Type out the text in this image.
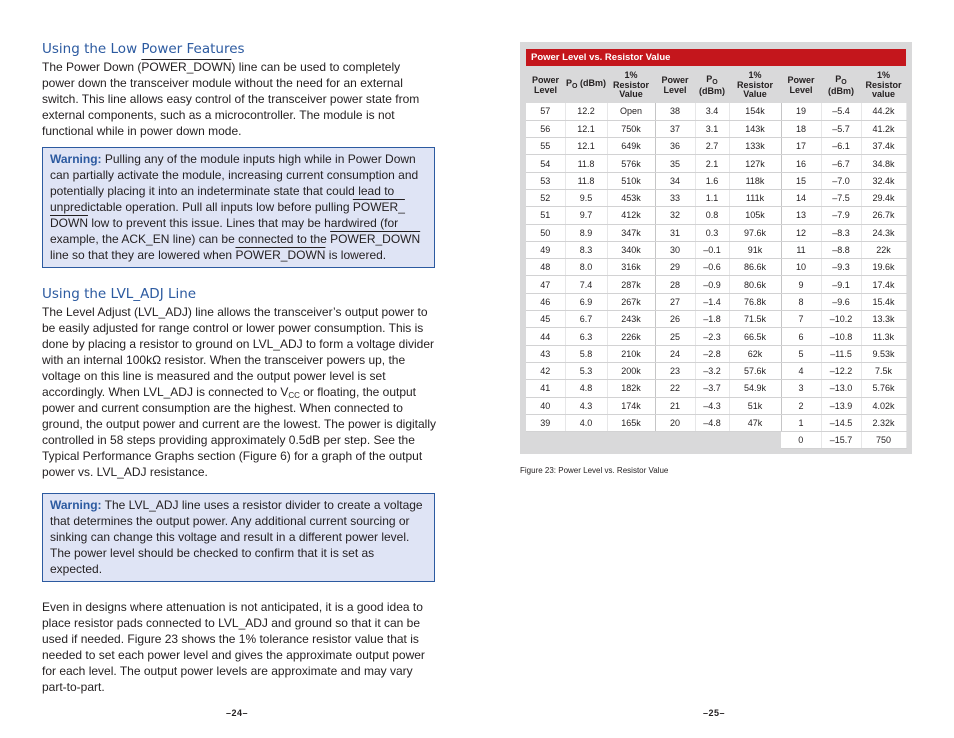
Using the Low Power Features

The Power Down (POWER_DOWN) line can be used to completely power down the transceiver module without the need for an external switch. This line allows easy control of the transceiver power state from external components, such as a microcontroller. The module is not functional while in power down mode.

Warning: Pulling any of the module inputs high while in Power Down can partially activate the module, increasing current consumption and potentially placing it into an indeterminate state that could lead to unpredictable operation. Pull all inputs low before pulling POWER_ DOWN low to prevent this issue. Lines that may be hardwired (for example, the ACK_EN line) can be connected to the POWER_DOWN line so that they are lowered when POWER_DOWN is lowered.
Using the LVL_ADJ Line

The Level Adjust (LVL_ADJ) line allows the transceiver’s output power to be easily adjusted for range control or lower power consumption. This is done by placing a resistor to ground on LVL_ADJ to form a voltage divider with an internal 100kΩ resistor. When the transceiver powers up, the voltage on this line is measured and the output power level is set accordingly. When LVL_ADJ is connected to $V_{CC}$ or floating, the output power and current consumption are the highest. When connected to ground, the output power and current are the lowest. The power is digitally controlled in 58 steps providing approximately 0.5dB per step. See the Typical Performance Graphs section (Figure 6) for a graph of the output power vs. LVL_ADJ resistance.

Warning: The LVL_ADJ line uses a resistor divider to create a voltage that determines the output power. Any additional current sourcing or sinking can change this voltage and result in a different power level. The power level should be checked to confirm that it is set as expected.

Even in designs where attenuation is not anticipated, it is a good idea to place resistor pads connected to LVL_ADJ and ground so that it can be used if needed. Figure 23 shows the 1% tolerance resistor value that is needed to set each power level and gives the approximate output power for each level. The output power levels are approximate and may vary part-to-part.

–24–
Power Level vs. Resistor Value
Power Level	$P_O$ (dBm)	1% Resistor Value	Power Level	$P_O$ (dBm)	1% Resistor Value	Power Level	$P_O$ (dBm)	1% Resistor value
57	12.2	Open	38	3.4	154k	19	–5.4	44.2k
56	12.1	750k	37	3.1	143k	18	–5.7	41.2k
55	12.1	649k	36	2.7	133k	17	–6.1	37.4k
54	11.8	576k	35	2.1	127k	16	–6.7	34.8k
53	11.8	510k	34	1.6	118k	15	–7.0	32.4k
52	9.5	453k	33	1.1	111k	14	–7.5	29.4k
51	9.7	412k	32	0.8	105k	13	–7.9	26.7k
50	8.9	347k	31	0.3	97.6k	12	–8.3	24.3k
49	8.3	340k	30	–0.1	91k	11	–8.8	22k
48	8.0	316k	29	–0.6	86.6k	10	–9.3	19.6k
47	7.4	287k	28	–0.9	80.6k	9	–9.1	17.4k
46	6.9	267k	27	–1.4	76.8k	8	–9.6	15.4k
45	6.7	243k	26	–1.8	71.5k	7	–10.2	13.3k
44	6.3	226k	25	–2.3	66.5k	6	–10.8	11.3k
43	5.8	210k	24	–2.8	62k	5	–11.5	9.53k
42	5.3	200k	23	–3.2	57.6k	4	–12.2	7.5k
41	4.8	182k	22	–3.7	54.9k	3	–13.0	5.76k
40	4.3	174k	21	–4.3	51k	2	–13.9	4.02k
39	4.0	165k	20	–4.8	47k	1	–14.5	2.32k
						0	–15.7	750
Figure 23: Power Level vs. Resistor Value
–25–
